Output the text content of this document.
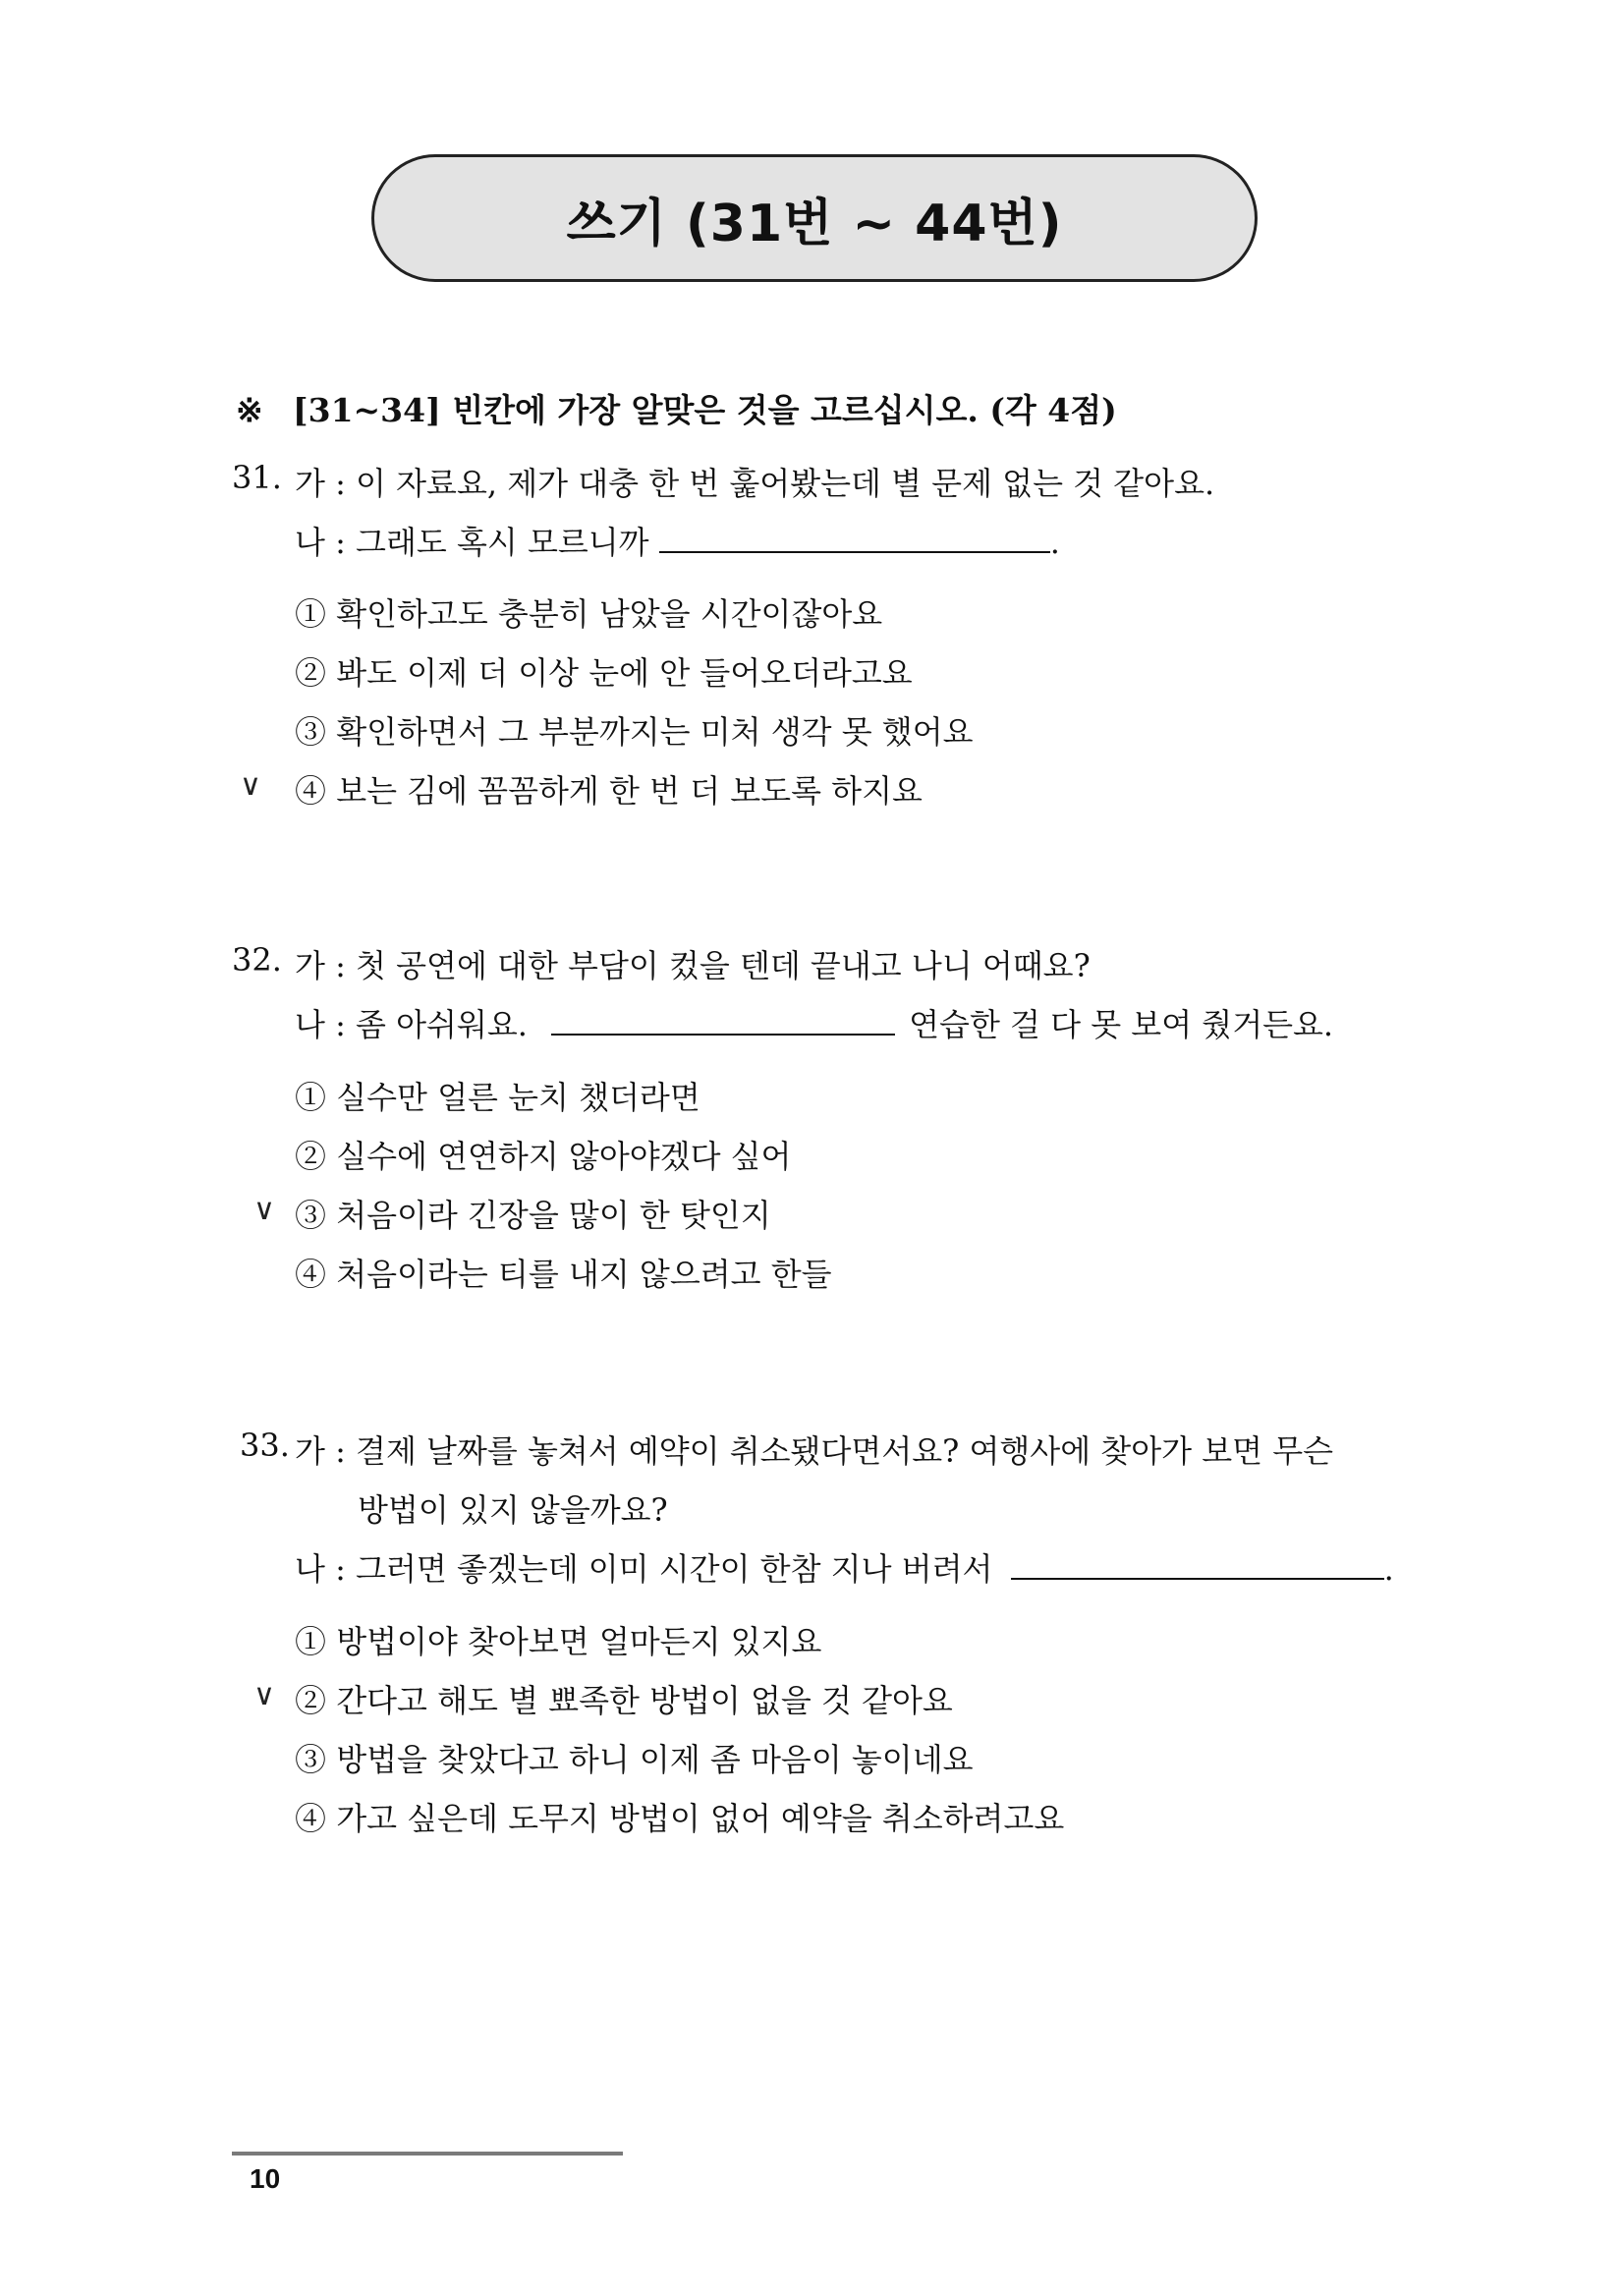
쓰기 (31번 ~ 44번)
※ [31~34] 빈칸에 가장 알맞은 것을 고르십시오. (각 4점)
31. 가 : 이 자료요, 제가 대충 한 번 훑어봤는데 별 문제 없는 것 같아요.
나 : 그래도 혹시 모르니까	.
① 확인하고도 충분히 남았을 시간이잖아요
② 봐도 이제 더 이상 눈에 안 들어오더라고요
③ 확인하면서 그 부분까지는 미처 생각 못 했어요
∨ ④ 보는 김에 꼼꼼하게 한 번 더 보도록 하지요
32. 가 : 첫 공연에 대한 부담이 컸을 텐데 끝내고 나니 어때요?
나 : 좀 아쉬워요.	연습한 걸 다 못 보여 줬거든요.
① 실수만 얼른 눈치 챘더라면
② 실수에 연연하지 않아야겠다 싶어
∨ ③ 처음이라 긴장을 많이 한 탓인지
④ 처음이라는 티를 내지 않으려고 한들
33. 가 : 결제 날짜를 놓쳐서 예약이 취소됐다면서요? 여행사에 찾아가 보면 무슨
방법이 있지 않을까요?
나 : 그러면 좋겠는데 이미 시간이 한참 지나 버려서	.
① 방법이야 찾아보면 얼마든지 있지요
∨ ② 간다고 해도 별 뾰족한 방법이 없을 것 같아요
③ 방법을 찾았다고 하니 이제 좀 마음이 놓이네요
④ 가고 싶은데 도무지 방법이 없어 예약을 취소하려고요
10
